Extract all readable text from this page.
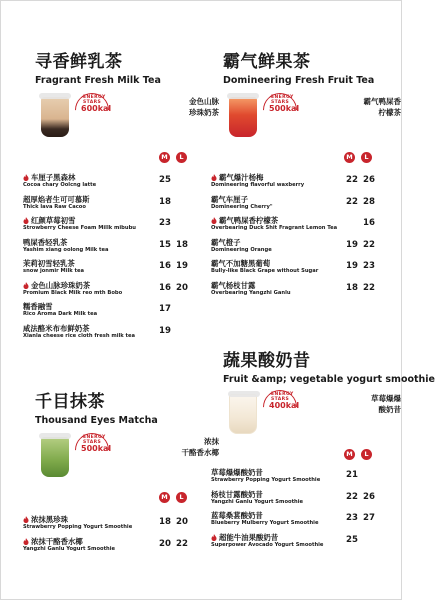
寻香鲜乳茶
Fragrant Fresh Milk Tea
ENERGY STARS
600kal
金色山脉
珍珠奶茶
M	L
车厘子黑森林
Cocoa chary Oolcng latte	25
超厚焰者生可可慕斯
Thick lava Raw Cacoo	18
红颜草莓初雪
Strowberry Cheese Foam Millk mibubu	23
鸭屎香轻乳茶
Yashim xiang oolong Milk tea	15 18
茉莉初雪轻乳茶
snow jonmir Milk tea	16 19
金色山脉珍珠奶茶
Promium Black Milk reo mth Bobo	16 20
糯香融雪
Rico Aroma Dark Milk tea	17
咸法酪米布布鲜奶茶
Xianla cheese rice cloth fresh milk tea	19
霸气鲜果茶
Domineering Fresh Fruit Tea
ENERGY STARS
500kal
霸气鸭屎香
柠檬茶
M	L
霸气爆汁杨梅
Domineering flavorful waxberry	22 26
霸气车厘子
Domineering Cherry"	22 28
霸气鸭屎香柠檬茶
Overbearing Duck Shit Fragrant Lemon Tea	16
霸气橙子
Domineering Orange	19 22
霸气不加糖黑葡萄
Bully-like Black Grape without Sugar	19 23
霸气杨枝甘露
Overbearing Yangzhi Ganlu	18 22
千目抹茶
Thousand Eyes Matcha
ENERGY STARS
500kal
浓抹
干酪香水椰
M	L
浓抹黑珍珠
Strawberry Popping Yogurt Smoothie	18 20
浓抹干酪香水椰
Yangzhi Ganlu Yogurt Smoothie	20 22
蔬果酸奶昔
Fruit &amp; vegetable yogurt smoothie
ENERGY STARS
400kal
草莓爆爆
酸奶昔
M	L
草莓爆爆酸奶昔
Strawberry Popping Yogurt Smoothie	21
杨枝甘露酸奶昔
Yangzhi Ganlu Yogurt Smoothie	22 26
蓝莓桑葚酸奶昔
Blueberry Mulberry Yogurt Smoothie	23 27
超能牛油果酸奶昔
Superpower Avocado Yogurt Smoothie	25
